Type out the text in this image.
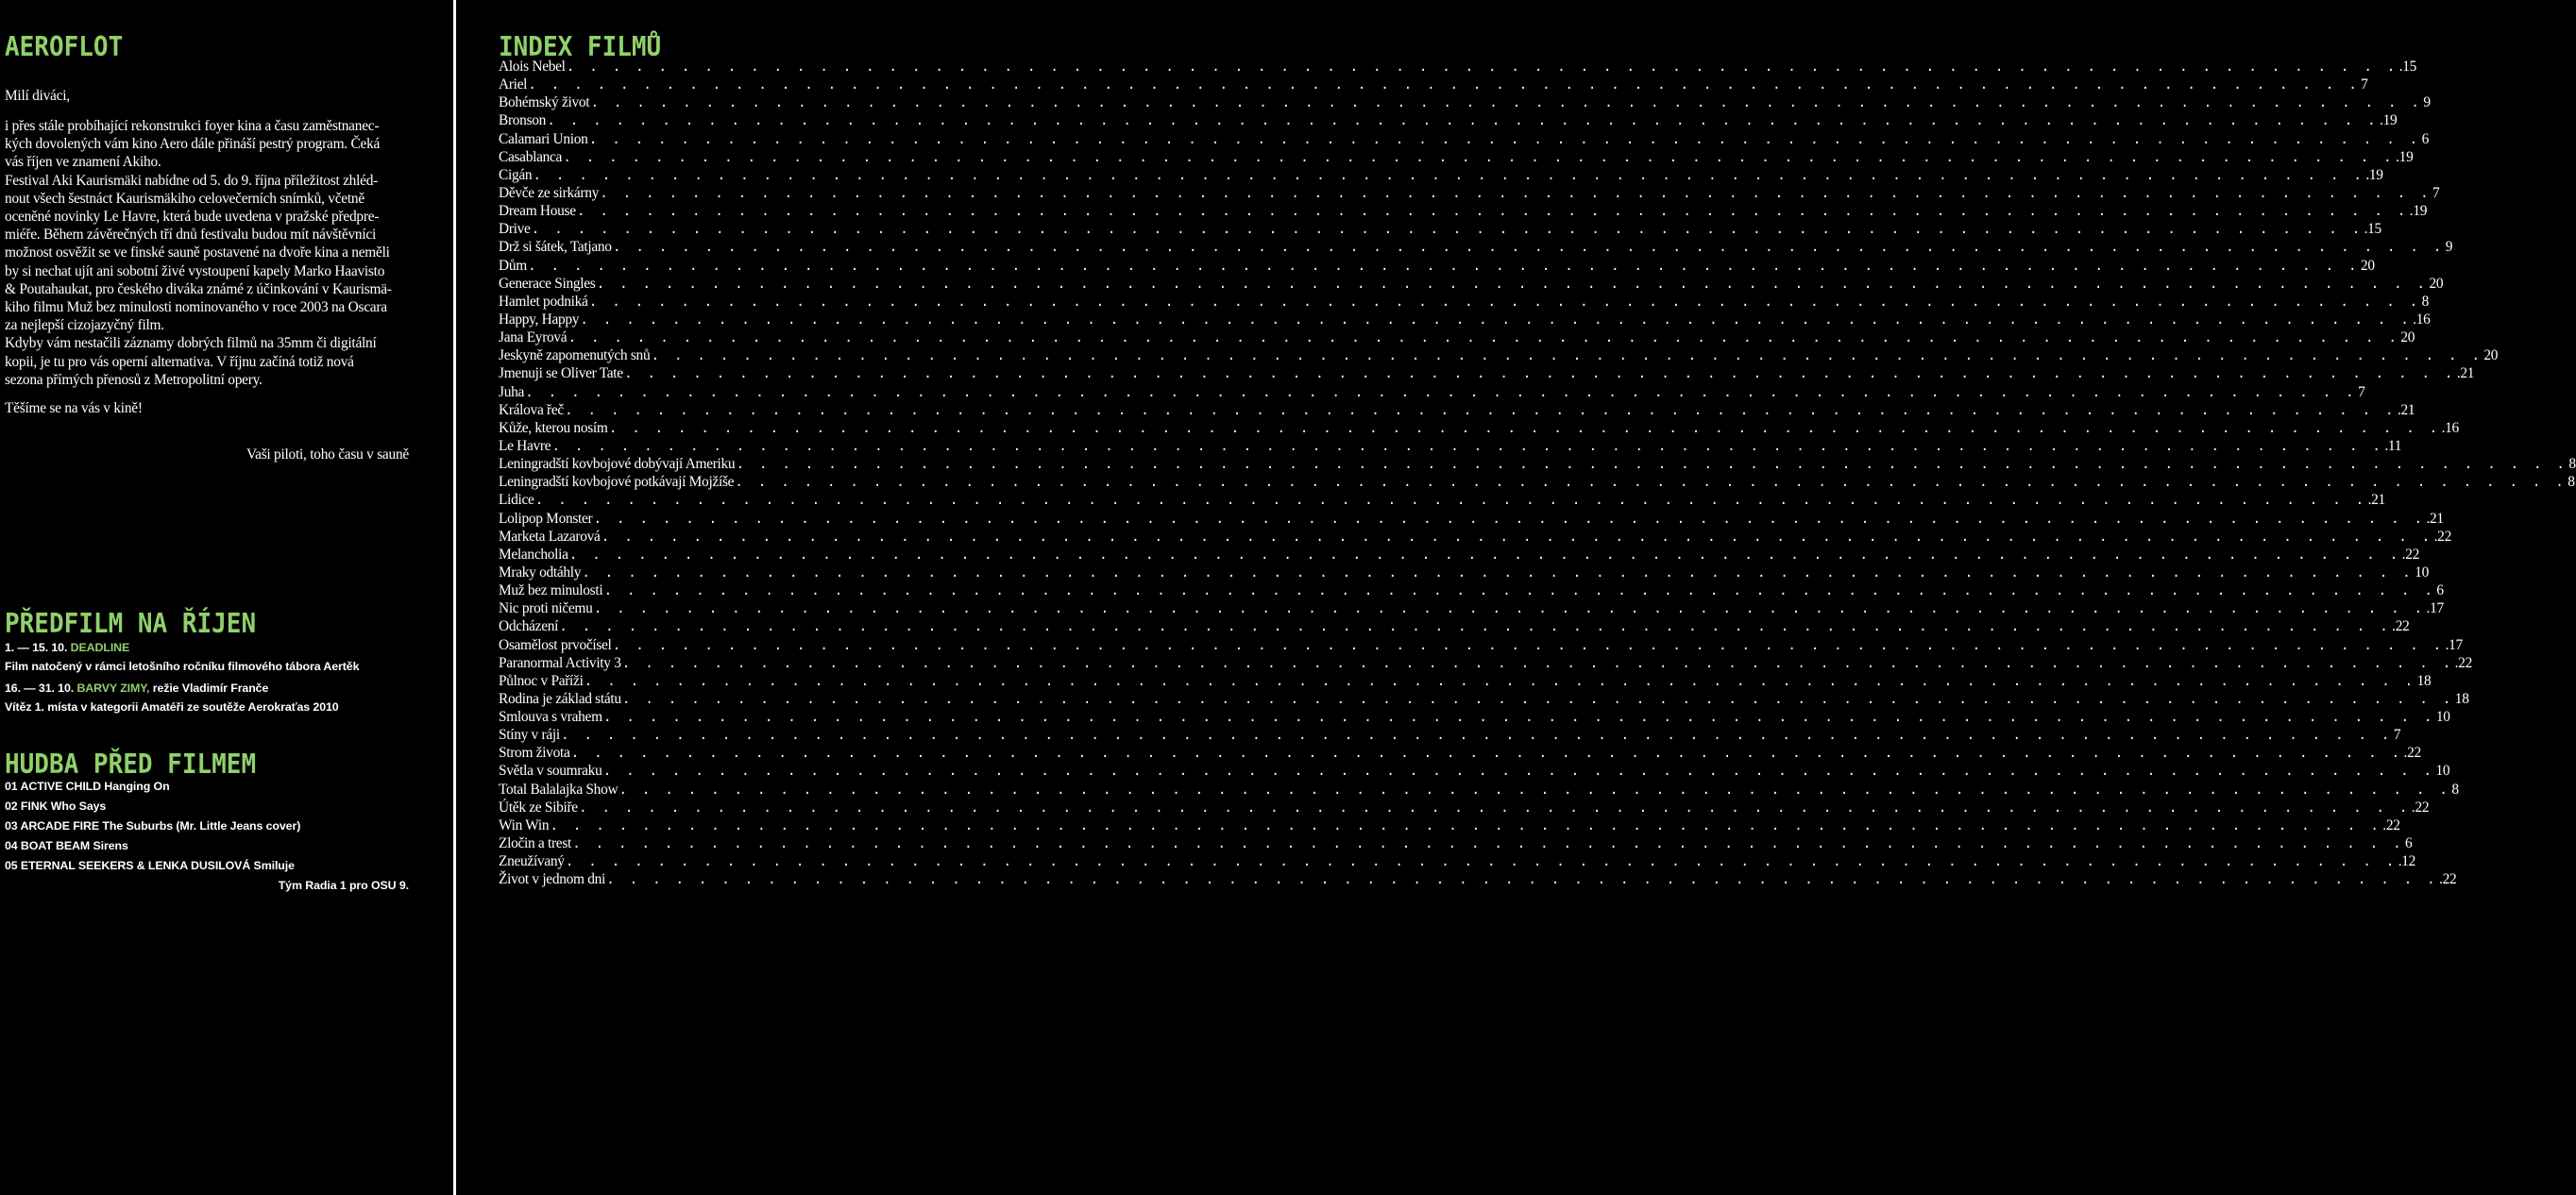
AEROFLOT
Milí diváci,

i přes stále probíhající rekonstrukci foyer kina a času zaměstnanec-

kých dovolených vám kino Aero dále přináší pestrý program. Čeká

vás říjen ve znamení Akiho.

Festival Aki Kaurismäki nabídne od 5. do 9. října příležitost zhléd-

nout všech šestnáct Kaurismäkiho celovečerních snímků, včetně

oceněné novinky Le Havre, která bude uvedena v pražské předpre-

miéře. Během závěrečných tří dnů festivalu budou mít návštěvníci

možnost osvěžit se ve finské sauně postavené na dvoře kina a neměli

by si nechat ujít ani sobotní živé vystoupení kapely Marko Haavisto

& Poutahaukat, pro českého diváka známé z účinkování v Kaurismä-

kiho filmu Muž bez minulosti nominovaného v roce 2003 na Oscara

za nejlepší cizojazyčný film.

Kdyby vám nestačili záznamy dobrých filmů na 35mm či digitální

kopii, je tu pro vás operní alternativa. V říjnu začíná totiž nová

sezona přímých přenosů z Metropolitní opery.

Těšíme se na vás v kině!
Vaši piloti, toho času v sauně
PŘEDFILM NA ŘÍJEN
1. — 15. 10. DEADLINE
Film natočený v rámci letošního ročníku filmového tábora Aertěk
16. — 31. 10. BARVY ZIMY, režie Vladimír Franče
Vítěz 1. místa v kategorii Amatéři ze soutěže Aerokraťas 2010
HUDBA PŘED FILMEM
01 ACTIVE CHILD Hanging On
02 FINK Who Says
03 ARCADE FIRE The Suburbs (Mr. Little Jeans cover)
04 BOAT BEAM Sirens
05 ETERNAL SEEKERS & LENKA DUSILOVÁ Smiluje
Tým Radia 1 pro OSU 9.
INDEX FILMŮ
Alois Nebel . . . . . . . . . . . . . . . . . . . . . . . . . . . . . . . . . . . . . . . . . . . . . . . . . . . . . . . . . . . . . . . . . . . . . . . . . . . . . . . . .15
Ariel . . . . . . . . . . . . . . . . . . . . . . . . . . . . . . . . . . . . . . . . . . . . . . . . . . . . . . . . . . . . . . . . . . . . . . . . . . . . . . . . 7
Bohémský život . . . . . . . . . . . . . . . . . . . . . . . . . . . . . . . . . . . . . . . . . . . . . . . . . . . . . . . . . . . . . . . . . . . . . . . . . . . . . . . . 9
Bronson . . . . . . . . . . . . . . . . . . . . . . . . . . . . . . . . . . . . . . . . . . . . . . . . . . . . . . . . . . . . . . . . . . . . . . . . . . . . . . . . .19
Calamari Union . . . . . . . . . . . . . . . . . . . . . . . . . . . . . . . . . . . . . . . . . . . . . . . . . . . . . . . . . . . . . . . . . . . . . . . . . . . . . . . . 6
Casablanca . . . . . . . . . . . . . . . . . . . . . . . . . . . . . . . . . . . . . . . . . . . . . . . . . . . . . . . . . . . . . . . . . . . . . . . . . . . . . . . . .19
Cigán . . . . . . . . . . . . . . . . . . . . . . . . . . . . . . . . . . . . . . . . . . . . . . . . . . . . . . . . . . . . . . . . . . . . . . . . . . . . . . . . .19
Děvče ze sirkárny . . . . . . . . . . . . . . . . . . . . . . . . . . . . . . . . . . . . . . . . . . . . . . . . . . . . . . . . . . . . . . . . . . . . . . . . . . . . . . . . 7
Dream House . . . . . . . . . . . . . . . . . . . . . . . . . . . . . . . . . . . . . . . . . . . . . . . . . . . . . . . . . . . . . . . . . . . . . . . . . . . . . . . . .19
Drive . . . . . . . . . . . . . . . . . . . . . . . . . . . . . . . . . . . . . . . . . . . . . . . . . . . . . . . . . . . . . . . . . . . . . . . . . . . . . . . . .15
Drž si šátek, Tatjano . . . . . . . . . . . . . . . . . . . . . . . . . . . . . . . . . . . . . . . . . . . . . . . . . . . . . . . . . . . . . . . . . . . . . . . . . . . . . . . . 9
Dům . . . . . . . . . . . . . . . . . . . . . . . . . . . . . . . . . . . . . . . . . . . . . . . . . . . . . . . . . . . . . . . . . . . . . . . . . . . . . . . . 20
Generace Singles . . . . . . . . . . . . . . . . . . . . . . . . . . . . . . . . . . . . . . . . . . . . . . . . . . . . . . . . . . . . . . . . . . . . . . . . . . . . . . . . 20
Hamlet podniká . . . . . . . . . . . . . . . . . . . . . . . . . . . . . . . . . . . . . . . . . . . . . . . . . . . . . . . . . . . . . . . . . . . . . . . . . . . . . . . . 8
Happy, Happy . . . . . . . . . . . . . . . . . . . . . . . . . . . . . . . . . . . . . . . . . . . . . . . . . . . . . . . . . . . . . . . . . . . . . . . . . . . . . . . . .16
Jana Eyrová . . . . . . . . . . . . . . . . . . . . . . . . . . . . . . . . . . . . . . . . . . . . . . . . . . . . . . . . . . . . . . . . . . . . . . . . . . . . . . . . 20
Jeskyně zapomenutých snů . . . . . . . . . . . . . . . . . . . . . . . . . . . . . . . . . . . . . . . . . . . . . . . . . . . . . . . . . . . . . . . . . . . . . . . . . . . . . . . . 20
Jmenuji se Oliver Tate . . . . . . . . . . . . . . . . . . . . . . . . . . . . . . . . . . . . . . . . . . . . . . . . . . . . . . . . . . . . . . . . . . . . . . . . . . . . . . . . .21
Juha . . . . . . . . . . . . . . . . . . . . . . . . . . . . . . . . . . . . . . . . . . . . . . . . . . . . . . . . . . . . . . . . . . . . . . . . . . . . . . . . 7
Králova řeč . . . . . . . . . . . . . . . . . . . . . . . . . . . . . . . . . . . . . . . . . . . . . . . . . . . . . . . . . . . . . . . . . . . . . . . . . . . . . . . . .21
Kůže, kterou nosím . . . . . . . . . . . . . . . . . . . . . . . . . . . . . . . . . . . . . . . . . . . . . . . . . . . . . . . . . . . . . . . . . . . . . . . . . . . . . . . . .16
Le Havre . . . . . . . . . . . . . . . . . . . . . . . . . . . . . . . . . . . . . . . . . . . . . . . . . . . . . . . . . . . . . . . . . . . . . . . . . . . . . . . . .11
Leningradští kovbojové dobývají Ameriku . . . . . . . . . . . . . . . . . . . . . . . . . . . . . . . . . . . . . . . . . . . . . . . . . . . . . . . . . . . . . . . . . . . . . . . . . . . . . . . . 8
Leningradští kovbojové potkávají Mojžíše . . . . . . . . . . . . . . . . . . . . . . . . . . . . . . . . . . . . . . . . . . . . . . . . . . . . . . . . . . . . . . . . . . . . . . . . . . . . . . . . 8
Lidice . . . . . . . . . . . . . . . . . . . . . . . . . . . . . . . . . . . . . . . . . . . . . . . . . . . . . . . . . . . . . . . . . . . . . . . . . . . . . . . . .21
Lolipop Monster . . . . . . . . . . . . . . . . . . . . . . . . . . . . . . . . . . . . . . . . . . . . . . . . . . . . . . . . . . . . . . . . . . . . . . . . . . . . . . . . .21
Marketa Lazarová . . . . . . . . . . . . . . . . . . . . . . . . . . . . . . . . . . . . . . . . . . . . . . . . . . . . . . . . . . . . . . . . . . . . . . . . . . . . . . . . .22
Melancholia . . . . . . . . . . . . . . . . . . . . . . . . . . . . . . . . . . . . . . . . . . . . . . . . . . . . . . . . . . . . . . . . . . . . . . . . . . . . . . . . .22
Mraky odtáhly . . . . . . . . . . . . . . . . . . . . . . . . . . . . . . . . . . . . . . . . . . . . . . . . . . . . . . . . . . . . . . . . . . . . . . . . . . . . . . . . 10
Muž bez minulosti . . . . . . . . . . . . . . . . . . . . . . . . . . . . . . . . . . . . . . . . . . . . . . . . . . . . . . . . . . . . . . . . . . . . . . . . . . . . . . . . 6
Nic proti ničemu . . . . . . . . . . . . . . . . . . . . . . . . . . . . . . . . . . . . . . . . . . . . . . . . . . . . . . . . . . . . . . . . . . . . . . . . . . . . . . . . .17
Odcházení . . . . . . . . . . . . . . . . . . . . . . . . . . . . . . . . . . . . . . . . . . . . . . . . . . . . . . . . . . . . . . . . . . . . . . . . . . . . . . . . .22
Osamělost prvočísel . . . . . . . . . . . . . . . . . . . . . . . . . . . . . . . . . . . . . . . . . . . . . . . . . . . . . . . . . . . . . . . . . . . . . . . . . . . . . . . . .17
Paranormal Activity 3 . . . . . . . . . . . . . . . . . . . . . . . . . . . . . . . . . . . . . . . . . . . . . . . . . . . . . . . . . . . . . . . . . . . . . . . . . . . . . . . . .22
Půlnoc v Paříži . . . . . . . . . . . . . . . . . . . . . . . . . . . . . . . . . . . . . . . . . . . . . . . . . . . . . . . . . . . . . . . . . . . . . . . . . . . . . . . . 18
Rodina je základ státu . . . . . . . . . . . . . . . . . . . . . . . . . . . . . . . . . . . . . . . . . . . . . . . . . . . . . . . . . . . . . . . . . . . . . . . . . . . . . . . . 18
Smlouva s vrahem . . . . . . . . . . . . . . . . . . . . . . . . . . . . . . . . . . . . . . . . . . . . . . . . . . . . . . . . . . . . . . . . . . . . . . . . . . . . . . . . 10
Stíny v ráji . . . . . . . . . . . . . . . . . . . . . . . . . . . . . . . . . . . . . . . . . . . . . . . . . . . . . . . . . . . . . . . . . . . . . . . . . . . . . . . . 7
Strom života . . . . . . . . . . . . . . . . . . . . . . . . . . . . . . . . . . . . . . . . . . . . . . . . . . . . . . . . . . . . . . . . . . . . . . . . . . . . . . . . .22
Světla v soumraku . . . . . . . . . . . . . . . . . . . . . . . . . . . . . . . . . . . . . . . . . . . . . . . . . . . . . . . . . . . . . . . . . . . . . . . . . . . . . . . . 10
Total Balalajka Show . . . . . . . . . . . . . . . . . . . . . . . . . . . . . . . . . . . . . . . . . . . . . . . . . . . . . . . . . . . . . . . . . . . . . . . . . . . . . . . . 8
Útěk ze Sibiře . . . . . . . . . . . . . . . . . . . . . . . . . . . . . . . . . . . . . . . . . . . . . . . . . . . . . . . . . . . . . . . . . . . . . . . . . . . . . . . . .22
Win Win . . . . . . . . . . . . . . . . . . . . . . . . . . . . . . . . . . . . . . . . . . . . . . . . . . . . . . . . . . . . . . . . . . . . . . . . . . . . . . . . .22
Zločin a trest . . . . . . . . . . . . . . . . . . . . . . . . . . . . . . . . . . . . . . . . . . . . . . . . . . . . . . . . . . . . . . . . . . . . . . . . . . . . . . . . 6
Zneužívaný . . . . . . . . . . . . . . . . . . . . . . . . . . . . . . . . . . . . . . . . . . . . . . . . . . . . . . . . . . . . . . . . . . . . . . . . . . . . . . . . .12
Život v jednom dni . . . . . . . . . . . . . . . . . . . . . . . . . . . . . . . . . . . . . . . . . . . . . . . . . . . . . . . . . . . . . . . . . . . . . . . . . . . . . . . . .22
